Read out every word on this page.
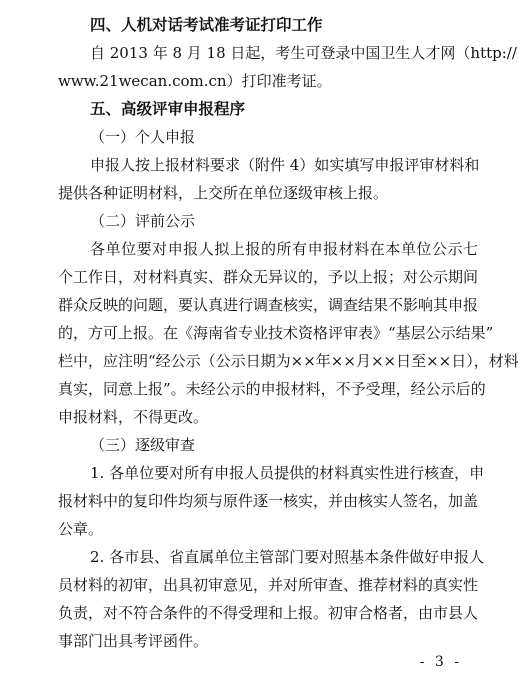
四、人机对话考试准考证打印工作
自 2013 年 8 月 18 日起，考生可登录中国卫生人才网（http://
www.21wecan.com.cn）打印准考证。
五、高级评审申报程序
（一）个人申报
申报人按上报材料要求（附件 4）如实填写申报评审材料和
提供各种证明材料，上交所在单位逐级审核上报。
（二）评前公示
各单位要对申报人拟上报的所有申报材料在本单位公示七
个工作日，对材料真实、群众无异议的，予以上报；对公示期间
群众反映的问题，要认真进行调查核实，调查结果不影响其申报
的，方可上报。在《海南省专业技术资格评审表》“基层公示结果”
栏中，应注明“经公示（公示日期为××年××月××日至××日），材料
真实，同意上报”。未经公示的申报材料，不予受理，经公示后的
申报材料，不得更改。
（三）逐级审查
1. 各单位要对所有申报人员提供的材料真实性进行核查，申
报材料中的复印件均须与原件逐一核实，并由核实人签名，加盖
公章。
2. 各市县、省直属单位主管部门要对照基本条件做好申报人
员材料的初审，出具初审意见，并对所审查、推荐材料的真实性
负责，对不符合条件的不得受理和上报。初审合格者，由市县人
事部门出具考评函件。
- 3 -
